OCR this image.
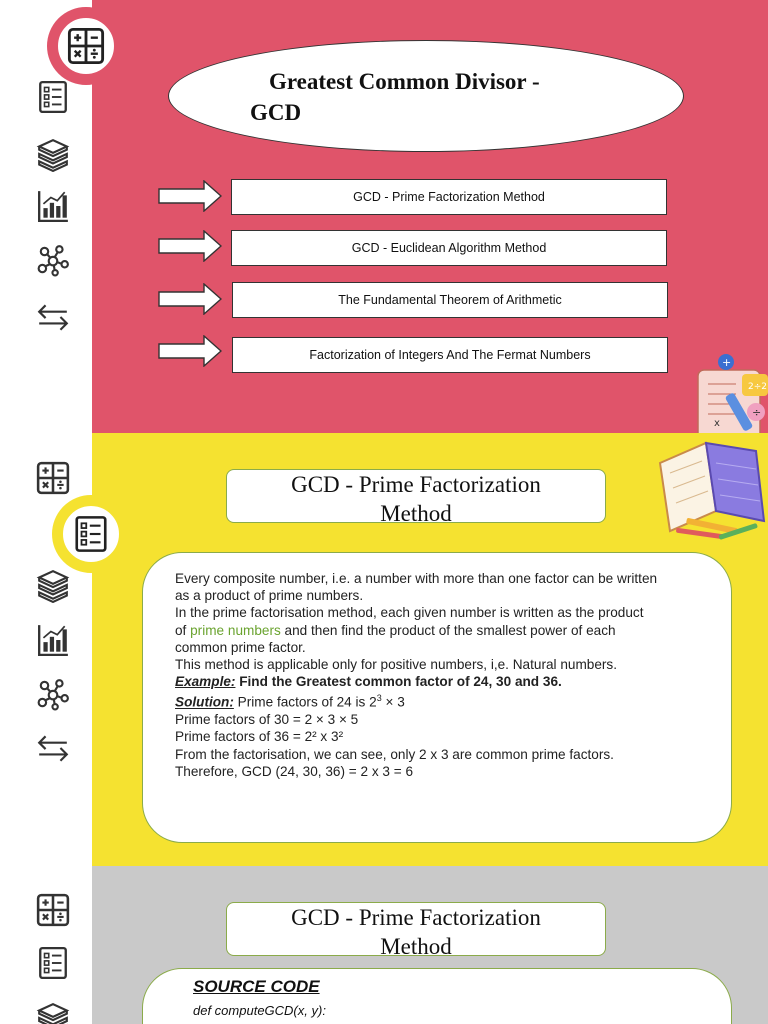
Greatest Common Divisor -
GCD
GCD - Prime Factorization Method
GCD - Euclidean Algorithm Method
The Fundamental Theorem of Arithmetic
Factorization of Integers And The Fermat Numbers
+
2÷2
÷
x
GCD - Prime Factorization
Method
Every composite number, i.e. a number with more than one factor can be written
as a product of prime numbers.
In the prime factorisation method, each given number is written as the product
of prime numbers and then find the product of the smallest power of each
common prime factor.
This method is applicable only for positive numbers, i,e. Natural numbers.
Example: Find the Greatest common factor of 24, 30 and 36.
Solution: Prime factors of 24 is $2^3 \times 3$
Prime factors of 30 = 2 × 3 × 5
Prime factors of 36 = 2² x 3²
From the factorisation, we can see, only 2 x 3 are common prime factors.
Therefore, GCD (24, 30, 36) = 2 x 3 = 6
GCD - Prime Factorization
Method
SOURCE CODE
def computeGCD(x, y):
